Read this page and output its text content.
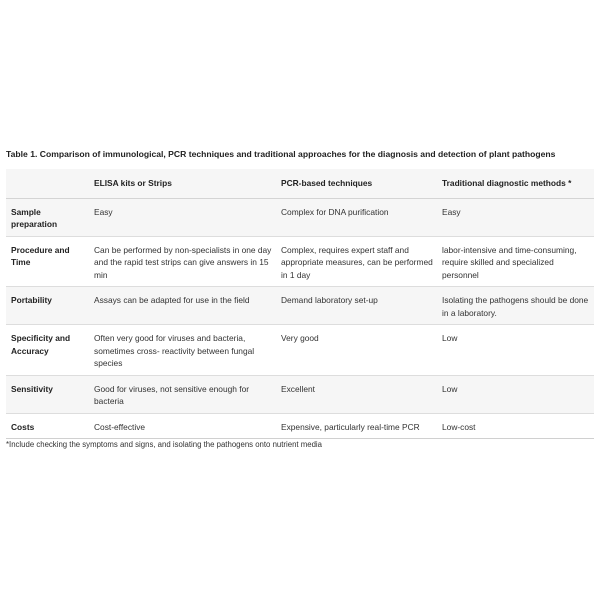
Table 1. Comparison of immunological, PCR techniques and traditional approaches for the diagnosis and detection of plant pathogens
	ELISA kits or Strips	PCR-based techniques	Traditional diagnostic methods *
Sample preparation	Easy	Complex for DNA purification	Easy
Procedure and Time	Can be performed by non-specialists in one day and the rapid test strips can give answers in 15 min	Complex, requires expert staff and appropriate measures, can be performed in 1 day	labor-intensive and time-consuming, require skilled and specialized personnel
Portability	Assays can be adapted for use in the field	Demand laboratory set-up	Isolating the pathogens should be done in a laboratory.
Specificity and Accuracy	Often very good for viruses and bacteria, sometimes cross- reactivity between fungal species	Very good	Low
Sensitivity	Good for viruses, not sensitive enough for bacteria	Excellent	Low
Costs	Cost-effective	Expensive, particularly real-time PCR	Low-cost
*Include checking the symptoms and signs, and isolating the pathogens onto nutrient media
